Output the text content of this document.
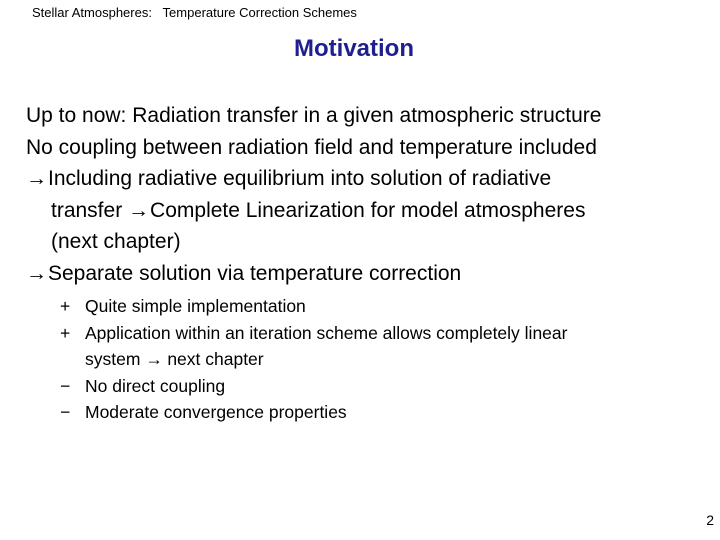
Stellar Atmospheres:   Temperature Correction Schemes
Motivation
Up to now: Radiation transfer in a given atmospheric structure
No coupling between radiation field and temperature included
→Including radiative equilibrium into solution of radiative
transfer →Complete Linearization for model atmospheres
(next chapter)
→Separate solution via temperature correction
+ Quite simple implementation
+ Application within an iteration scheme allows completely linear
system → next chapter
− No direct coupling
− Moderate convergence properties
2
